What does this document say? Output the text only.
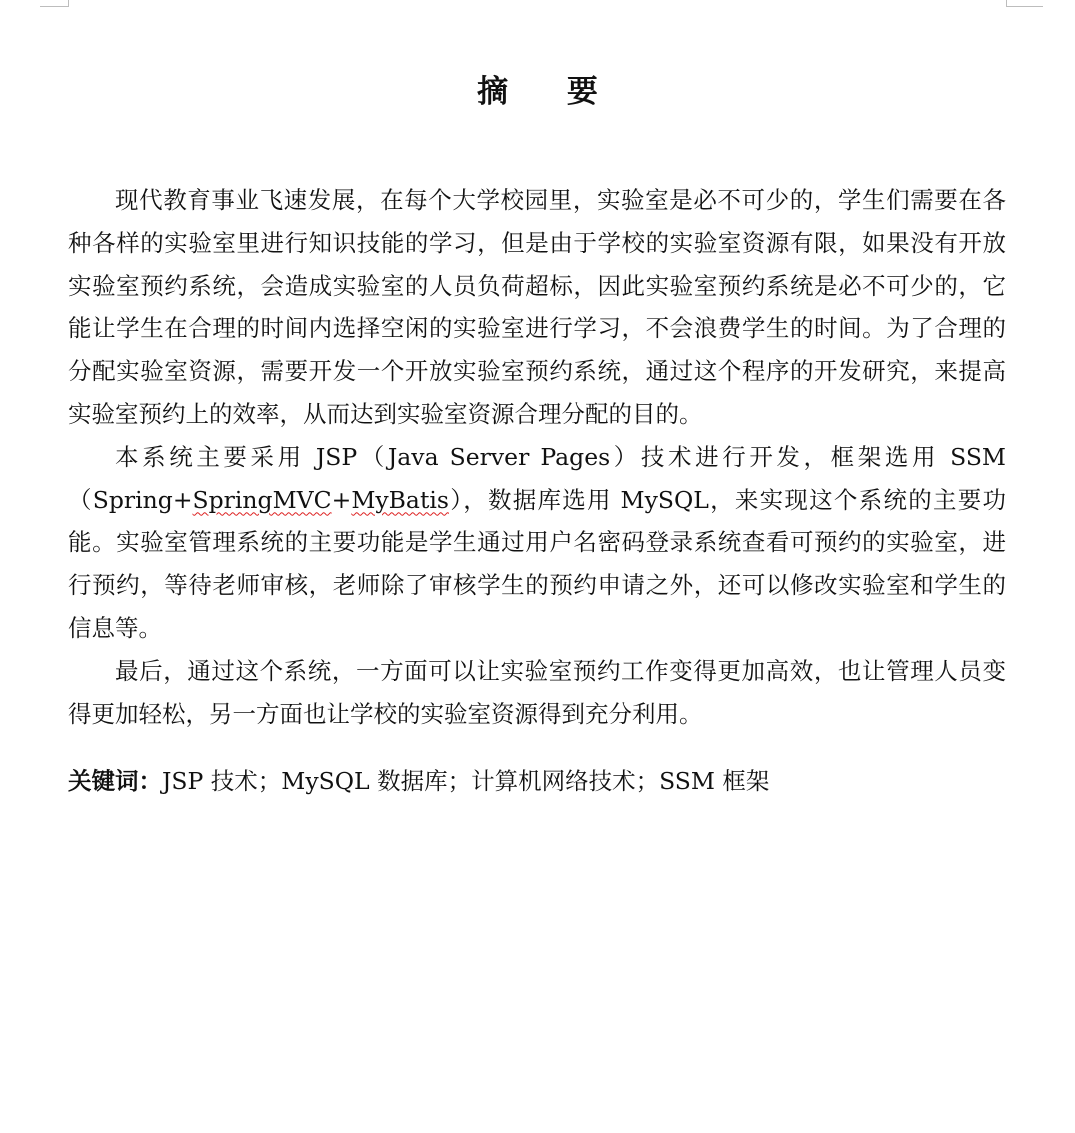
摘 要

现代教育事业飞速发展，在每个大学校园里，实验室是必不可少的，学生们需要在各种各样的实验室里进行知识技能的学习，但是由于学校的实验室资源有限，如果没有开放实验室预约系统，会造成实验室的人员负荷超标，因此实验室预约系统是必不可少的，它能让学生在合理的时间内选择空闲的实验室进行学习，不会浪费学生的时间。为了合理的分配实验室资源，需要开发一个开放实验室预约系统，通过这个程序的开发研究，来提高实验室预约上的效率，从而达到实验室资源合理分配的目的。

本系统主要采用 JSP（Java Server Pages）技术进行开发，框架选用 SSM（Spring+SpringMVC+MyBatis），数据库选用 MySQL，来实现这个系统的主要功能。实验室管理系统的主要功能是学生通过用户名密码登录系统查看可预约的实验室，进行预约，等待老师审核，老师除了审核学生的预约申请之外，还可以修改实验室和学生的信息等。

最后，通过这个系统，一方面可以让实验室预约工作变得更加高效，也让管理人员变得更加轻松，另一方面也让学校的实验室资源得到充分利用。

关键词：JSP 技术；MySQL 数据库；计算机网络技术；SSM 框架
